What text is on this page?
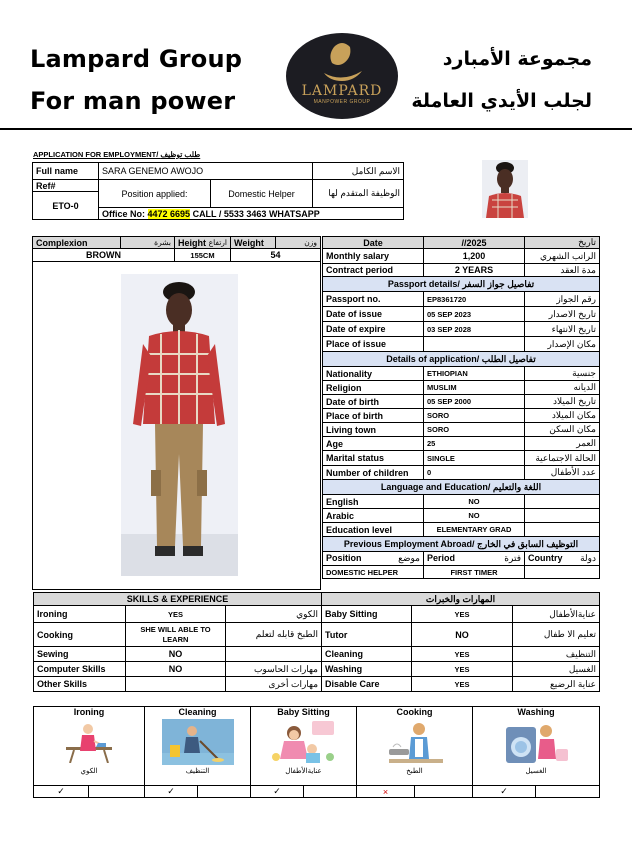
Lampard Group
For man power
مجموعة الأمبارد
لجلب الأيدي العاملة
LAMPARD
MANPOWER GROUP
APPLICATION FOR EMPLOYMENT/ طلب توظيف
Full name	SARA GENEMO AWOJO		الاسم الكامل
Ref#	Position applied:	Domestic Helper	الوظيفة المتقدم لها
ETO-0			
	Office No: 4472 6695 CALL / 5533 3463 WHATSAPP		
Complexion	بشرة	Height ارتفاع	Weight	وزن
BROWN		155CM	54	

Date	//2025	تاريخ
Monthly salary	1,200	الراتب الشهري
Contract period	2 YEARS	مدة العقد
Passport details/ تفاصيل جواز السفر		
Passport no.	EP8361720	رقم الجواز
Date of issue	05 SEP 2023	تاريخ الاصدار
Date of expire	03 SEP 2028	تاريخ الانتهاء
Place of issue		مكان الإصدار
Details of application/ تفاصيل الطلب		
Nationality	ETHIOPIAN	جنسية
Religion	MUSLIM	الديانه
Date of birth	05 SEP 2000	تاريخ الميلاد
Place of birth	SORO	مكان الميلاد
Living town	SORO	مكان السكن
Age	25	العمر
Marital status	SINGLE	الحالة الاجتماعية
Number of children	0	عدد الأطفال
Language and Education/ اللغة والتعليم		
English	NO	
Arabic	NO	
Education level	ELEMENTARY GRAD	
Previous Employment Abroad/ التوظيف السابق في الخارج		
Position موضع	Period فترة	Country دولة

DOMESTIC HELPER	FIRST TIMER	
SKILLS & EXPERIENCE			المهارات والخبرات		
Ironing	YES	الكوي	Baby Sitting	YES	عنايةالأطفال
Cooking	SHE WILL ABLE TO LEARN	الطبخ قابله لتعلم	Tutor	NO	تعليم الا طفال
Sewing	NO		Cleaning	YES	التنظيف
Computer Skills	NO	مهارات الحاسوب	Washing	YES	الغسيل
Other Skills		مهارات أخرى	Disable Care	YES	عناية الرضيع
Ironing
الكوي

Cleaning
التنظيف

Baby Sitting
عنايةالأطفال

Cooking
الطبخ

Washing
الغسيل
✓		✓		✓		×		✓	
